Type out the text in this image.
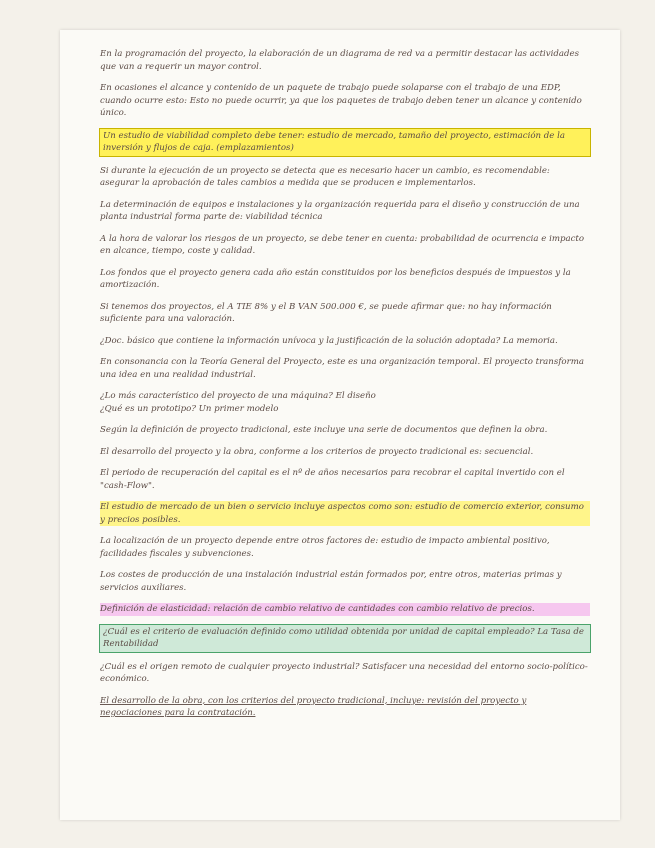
En la programación del proyecto, la elaboración de un diagrama de red va a permitir destacar las actividades que van a requerir un mayor control.

En ocasiones el alcance y contenido de un paquete de trabajo puede solaparse con el trabajo de una EDP, cuando ocurre esto: Esto no puede ocurrir, ya que los paquetes de trabajo deben tener un alcance y contenido único.

Un estudio de viabilidad completo debe tener: estudio de mercado, tamaño del proyecto, estimación de la inversión y flujos de caja. (emplazamientos)

Si durante la ejecución de un proyecto se detecta que es necesario hacer un cambio, es recomendable: asegurar la aprobación de tales cambios a medida que se producen e implementarlos.

La determinación de equipos e instalaciones y la organización requerida para el diseño y construcción de una planta industrial forma parte de: viabilidad técnica

A la hora de valorar los riesgos de un proyecto, se debe tener en cuenta: probabilidad de ocurrencia e impacto en alcance, tiempo, coste y calidad.

Los fondos que el proyecto genera cada año están constituidos por los beneficios después de impuestos y la amortización.

Si tenemos dos proyectos, el A TIE 8% y el B VAN 500.000 €, se puede afirmar que: no hay información suficiente para una valoración.

¿Doc. básico que contiene la información unívoca y la justificación de la solución adoptada? La memoria.

En consonancia con la Teoría General del Proyecto, este es una organización temporal. El proyecto transforma una idea en una realidad industrial.

¿Lo más característico del proyecto de una máquina? El diseño

¿Qué es un prototipo? Un primer modelo

Según la definición de proyecto tradicional, este incluye una serie de documentos que definen la obra.

El desarrollo del proyecto y la obra, conforme a los criterios de proyecto tradicional es: secuencial.

El periodo de recuperación del capital es el nº de años necesarios para recobrar el capital invertido con el "cash-Flow".

El estudio de mercado de un bien o servicio incluye aspectos como son: estudio de comercio exterior, consumo y precios posibles.

La localización de un proyecto depende entre otros factores de: estudio de impacto ambiental positivo, facilidades fiscales y subvenciones.

Los costes de producción de una instalación industrial están formados por, entre otros, materias primas y servicios auxiliares.

Definición de elasticidad: relación de cambio relativo de cantidades con cambio relativo de precios.

¿Cuál es el criterio de evaluación definido como utilidad obtenida por unidad de capital empleado? La Tasa de Rentabilidad

¿Cuál es el origen remoto de cualquier proyecto industrial? Satisfacer una necesidad del entorno socio-político-económico.

El desarrollo de la obra, con los criterios del proyecto tradicional, incluye: revisión del proyecto y negociaciones para la contratación.
